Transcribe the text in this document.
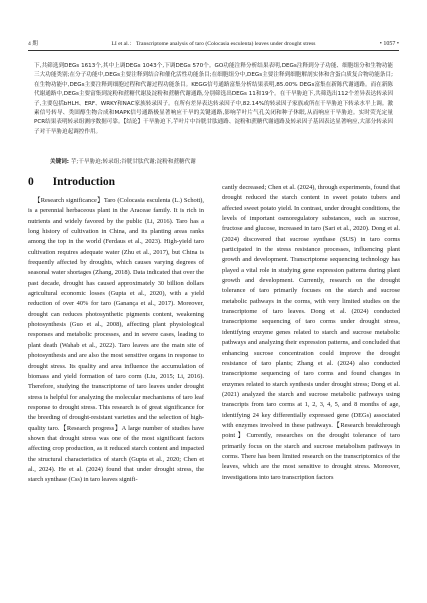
4 期	LI et al.： Transcriptome analysis of taro (Colocasia esculenta) leaves under drought stress	• 1057 •

下,共筛选到DEGs 1613个,其中上调DEGs 1043个,下调DEGs 570个。GO功能注释分析结果表明,DEGs注释到分子功能、细胞组分和生物功能三大功能类别;在分子功能中,DEGs主要注释到结合和催化活性功能条目;在细胞组分中,DEGs主要注释到细胞解剖实体和含蛋白质复合物功能条目;在生物功能中,DEGs主要注释到细胞过程和代谢过程功能条目。KEGG信号通路富集分析结果表明,85.00% DEGs富集在新陈代谢通路。而在新陈代谢通路中,DEGs主要富集到淀粉和蔗糖代谢及淀粉和蔗糖代谢通路,分别筛选出DEGs 11和19个。在干旱胁迫下,共筛选出112个差异表达转录因子,主要包括bHLH、ERF、WRKY和NAC家族转录因子。在所有差异表达转录因子中,82.14%的转录因子家族或所在干旱胁迫下转录水平上调。激素信号转导、类固醇生物合成和MAPK信号通路极显著响应干旱的关键通路,影响芋叶片气孔关闭和种子休眠,从而响应干旱胁迫。实时荧光定量PCR结果表明转录组测序数据可靠。【结论】干旱胁迫下,芋叶片中谷胱甘肽通路、淀粉和蔗糖代谢通路及转录因子基因表达显著响应,大部分转录因子对干旱胁迫起调控作用。

关键词: 芋;干旱胁迫;转录组;谷胱甘肽代谢;淀粉和蔗糖代谢
0 Introduction

【Research significance】Taro (Colocasia esculenta (L.) Schott), is a perennial herbaceous plant in the Araceae family. It is rich in nutrients and widely favored by the public (Li, 2016). Taro has a long history of cultivation in China, and its planting areas ranks among the top in the world (Ferdaus et al., 2023). High-yield taro cultivation requires adequate water (Zhu et al., 2017), but China is frequently affected by droughts, which causes varying degrees of seasonal water shortages (Zhang, 2018). Data indicated that over the past decade, drought has caused approximately 30 billion dollars agricultural economic losses (Gupta et al., 2020), with a yield reduction of over 40% for taro (Ganança et al., 2017). Moreover, drought can reduces photosynthetic pigments content, weakening photosynthesis (Guo et al., 2008), affecting plant physiological responses and metabolic processes, and in severe cases, leading to plant death (Wahab et al., 2022). Taro leaves are the main site of photosynthesis and are also the most sensitive organs in response to drought stress. Its quality and area influence the accumulation of biomass and yield formation of taro corm (Liu, 2015; Li, 2016). Therefore, studying the transcriptome of taro leaves under drought stress is helpful for analyzing the molecular mechanisms of taro leaf response to drought stress. This research is of great significance for the breeding of drought-resistant varieties and the selection of high-quality taro.【Research progress】A large number of studies have shown that drought stress was one of the most significant factors affecting crop production, as it reduced starch content and impacted the structural characteristics of starch (Gupta et al., 2020; Chen et al., 2024). He et al. (2024) found that under drought stress, the starch synthase (Css) in taro leaves signifi-

cantly decreased; Chen et al. (2024), through experiments, found that drought reduced the starch content in sweet potato tubers and affected sweet potato yield. In contrast, under drought conditions, the levels of important osmoregulatory substances, such as sucrose, fructose and glucose, increased in taro (Sari et al., 2020). Dong et al. (2024) discovered that sucrose synthase (SUS) in taro corms participated in the stress resistance processes, influencing plant growth and development. Transcriptome sequencing technology has played a vital role in studying gene expression patterns during plant growth and development. Currently, research on the drought tolerance of taro primarily focuses on the starch and sucrose metabolic pathways in the corms, with very limited studies on the transcriptome of taro leaves. Dong et al. (2024) conducted transcriptome sequencing of taro corms under drought stress, identifying enzyme genes related to starch and sucrose metabolic pathways and analyzing their expression patterns, and concluded that enhancing sucrose concentration could improve the drought resistance of taro plants; Zhang et al. (2024) also conducted transcriptome sequencing of taro corms and found changes in enzymes related to starch synthesis under drought stress; Dong et al. (2021) analyzed the starch and sucrose metabolic pathways using transcripts from taro corms at 1, 2, 3, 4, 5, and 8 months of age, identifying 24 key differentially expressed gene (DEGs) associated with enzymes involved in these pathways.【Research breakthrough point】Currently, researches on the drought tolerance of taro primarily focus on the starch and sucrose metabolism pathways in corms. There has been limited research on the transcriptomics of the leaves, which are the most sensitive to drought stress. Moreover, investigations into taro transcription factors
